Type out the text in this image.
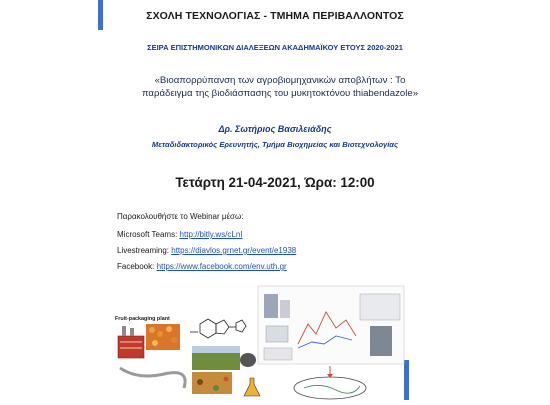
ΣΧΟΛΗ ΤΕΧΝΟΛΟΓΙΑΣ - ΤΜΗΜΑ ΠΕΡΙΒΑΛΛΟΝΤΟΣ
ΣΕΙΡΑ ΕΠΙΣΤΗΜΟΝΙΚΩΝ ΔΙΑΛΕΞΕΩΝ ΑΚΑΔΗΜΑΪΚΟΥ ΕΤΟΥΣ 2020-2021
«Βιοαπορρύπανση των αγροβιομηχανικών αποβλήτων : Το
παράδειγμα της βιοδιάσπασης του μυκητοκτόνου thiabendazole»
Δρ. Σωτήριος Βασιλειάδης
Μεταδιδακτορικός Ερευνητής, Τμήμα Βιοχημείας και Βιοτεχνολογίας
Τετάρτη 21-04-2021, Ώρα: 12:00
Παρακολουθήστε το Webinar μέσω:
Microsoft Teams: http://bitly.ws/cLnI
Livestreaming: https://diavlos.grnet.gr/event/e1938
Facebook: https://www.facebook.com/env.uth.gr
Fruit-packaging plant
